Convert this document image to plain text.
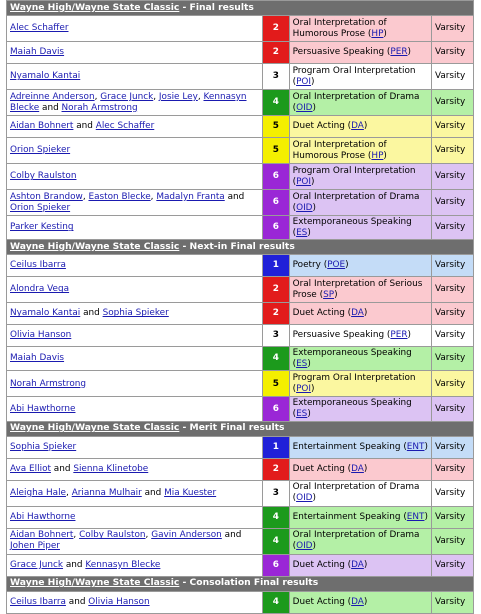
Wayne High/Wayne State Classic - Final results			
Alec Schaffer	2	Oral Interpretation of Humorous Prose (HP)	Varsity
Maiah Davis	2	Persuasive Speaking (PER)	Varsity
Nyamalo Kantai	3	Program Oral Interpretation (POI)	Varsity
Adreinne Anderson, Grace Junck, Josie Ley, Kennasyn Blecke and Norah Armstrong	4	Oral Interpretation of Drama (OID)	Varsity
Aidan Bohnert and Alec Schaffer	5	Duet Acting (DA)	Varsity
Orion Spieker	5	Oral Interpretation of Humorous Prose (HP)	Varsity
Colby Raulston	6	Program Oral Interpretation (POI)	Varsity
Ashton Brandow, Easton Blecke, Madalyn Franta and Orion Spieker	6	Oral Interpretation of Drama (OID)	Varsity
Parker Kesting	6	Extemporaneous Speaking (ES)	Varsity
Wayne High/Wayne State Classic - Next-in Final results			
Ceilus Ibarra	1	Poetry (POE)	Varsity
Alondra Vega	2	Oral Interpretation of Serious Prose (SP)	Varsity
Nyamalo Kantai and Sophia Spieker	2	Duet Acting (DA)	Varsity
Olivia Hanson	3	Persuasive Speaking (PER)	Varsity
Maiah Davis	4	Extemporaneous Speaking (ES)	Varsity
Norah Armstrong	5	Program Oral Interpretation (POI)	Varsity
Abi Hawthorne	6	Extemporaneous Speaking (ES)	Varsity
Wayne High/Wayne State Classic - Merit Final results			
Sophia Spieker	1	Entertainment Speaking (ENT)	Varsity
Ava Elliot and Sienna Klinetobe	2	Duet Acting (DA)	Varsity
Aleigha Hale, Arianna Mulhair and Mia Kuester	3	Oral Interpretation of Drama (OID)	Varsity
Abi Hawthorne	4	Entertainment Speaking (ENT)	Varsity
Aidan Bohnert, Colby Raulston, Gavin Anderson and Johen Piper	4	Oral Interpretation of Drama (OID)	Varsity
Grace Junck and Kennasyn Blecke	6	Duet Acting (DA)	Varsity
Wayne High/Wayne State Classic - Consolation Final results			
Ceilus Ibarra and Olivia Hanson	4	Duet Acting (DA)	Varsity
